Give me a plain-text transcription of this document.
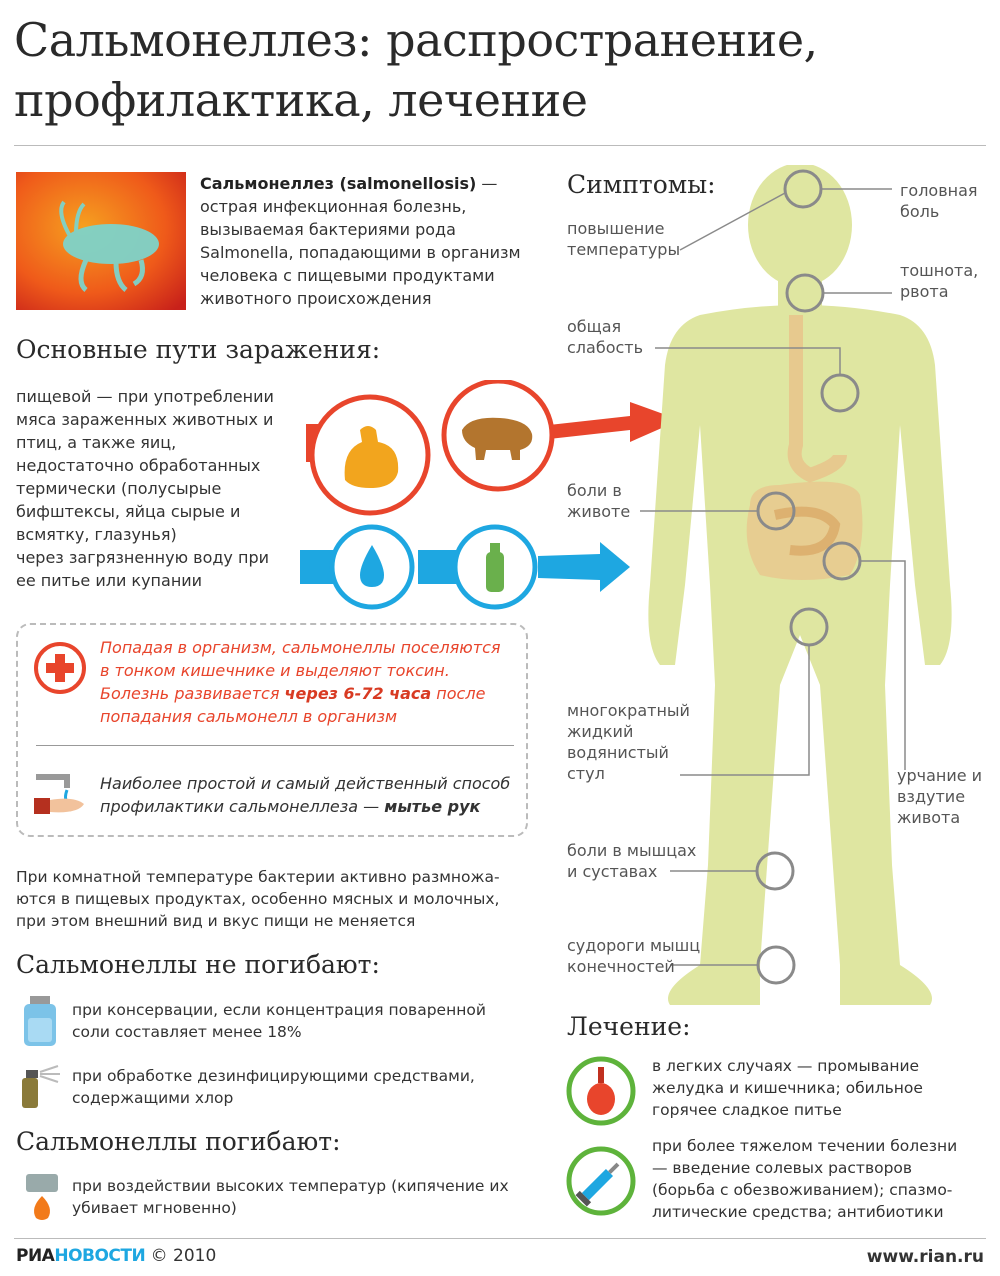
Сальмонеллез: распространение, профилактика, лечение
Сальмонеллез (salmonellosis) — острая инфекционная болезнь, вызываемая бактериями рода Salmonella, попадающими в организм человека с пищевыми продуктами животного происхождения
Основные пути заражения:
пищевой — при употреблении мяса зараженных животных и птиц, а также яиц, недостаточно обработанных термически (полусырые бифштексы, яйца сырые и всмятку, глазунья)
через загрязненную воду при ее питье или купании
Попадая в организм, сальмонеллы поселяются в тонком кишечнике и выделяют токсин. Болезнь развивается через 6-72 часа после попадания сальмонелл в организм
Наиболее простой и самый действенный способ профилактики сальмонеллеза — мытье рук
При комнатной температуре бактерии активно размножа-ются в пищевых продуктах, особенно мясных и молочных, при этом внешний вид и вкус пищи не меняется
Сальмонеллы не погибают:
при консервации, если концентрация поваренной соли составляет менее 18%
при обработке дезинфицирующими средствами, содержащими хлор
Сальмонеллы погибают:
при воздействии высоких температур (кипячение их убивает мгновенно)
Симптомы:	головная боль
повышение температуры
тошнота, рвота
общая слабость
боли в животе
многократный жидкий водянистый стул	урчание и вздутие живота
боли в мышцах и суставах
судороги мышц конечностей
Лечение:
в легких случаях — промывание желудка и кишечника; обильное горячее сладкое питье
при более тяжелом течении болезни — введение солевых растворов (борьба с обезвоживанием); спазмо-литические средства; антибиотики
РИАНОВОСТИ © 2010	www.rian.ru
